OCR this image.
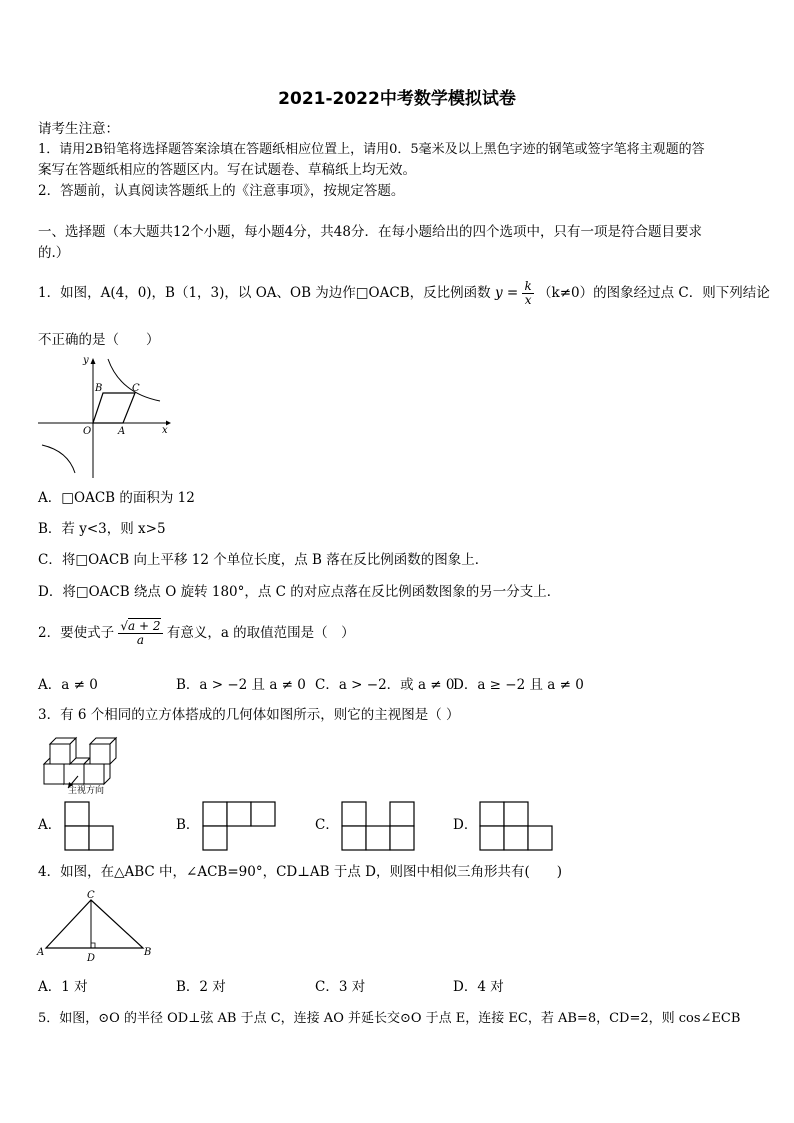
2021-2022中考数学模拟试卷
请考生注意：
1．请用2B铅笔将选择题答案涂填在答题纸相应位置上，请用0．5毫米及以上黑色字迹的钢笔或签字笔将主观题的答
案写在答题纸相应的答题区内。写在试题卷、草稿纸上均无效。
2．答题前，认真阅读答题纸上的《注意事项》，按规定答题。
一、选择题（本大题共12个小题，每小题4分，共48分．在每小题给出的四个选项中，只有一项是符合题目要求
的.）
1．如图，A(4，0)，B（1，3)，以 OA、OB 为边作□OACB，反比例函数 $y = \frac{k}{x} (k\ne 0)$的图象经过点 C．则下列结论
不正确的是（　　）
y
x
O	A
B	C
A．□OACB 的面积为 12
B．若 y<3，则 x>5
C．将□OACB 向上平移 12 个单位长度，点 B 落在反比例函数的图象上．
D．将□OACB 绕点 O 旋转 180°，点 C 的对应点落在反比例函数图象的另一分支上．
2．要使式子 $\frac{√a + 2}{a}$ 有意义，a 的取值范围是（　）
A．a ≠ 0	B．a > −2 且 a ≠ 0 C．a > −2．或 a ≠ 0
D．a ≥ −2 且 a ≠ 0
3．有 6 个相同的立方体搭成的几何体如图所示，则它的主视图是（ ）
主视方向
A．	B．	C．	D．
4．如图，在△ABC 中，∠ACB=90°，CD⊥AB 于点 D，则图中相似三角形共有(　　)
C
A	B
D
A．1 对	B．2 对	C．3 对	D．4 对
5．如图，⊙O 的半径 OD⊥弦 AB 于点 C，连接 AO 并延长交⊙O 于点 E，连接 EC，若 AB=8，CD=2，则 cos∠ECB
